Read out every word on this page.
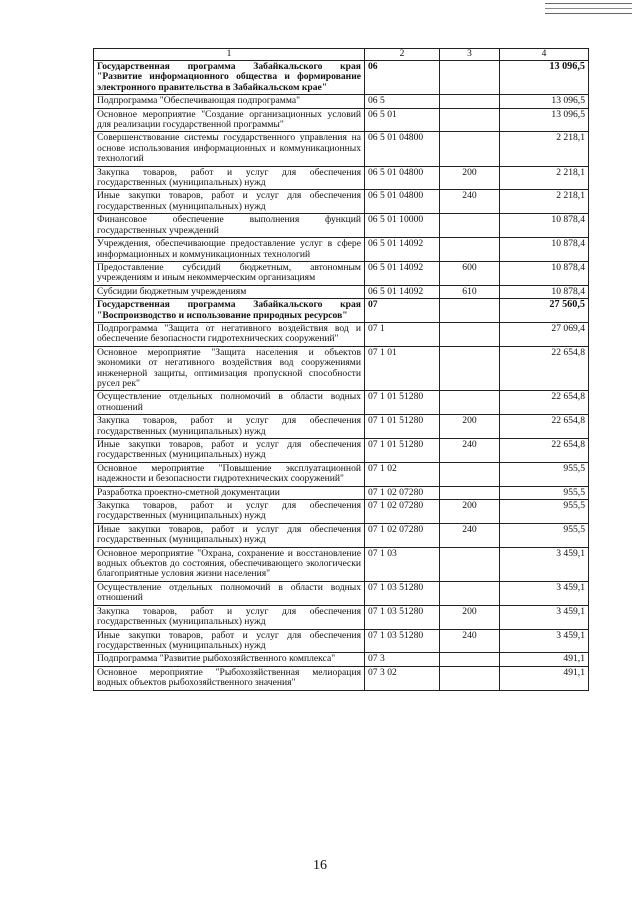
1	2	3	4
Государственная программа Забайкальского края "Развитие информационного общества и формирование электронного правительства в Забайкальском крае"	06		13 096,5
Подпрограмма "Обеспечивающая подпрограмма"	06 5		13 096,5
Основное мероприятие "Создание организационных условий для реализации государственной программы"	06 5 01		13 096,5
Совершенствование системы государственного управления на основе использования информационных и коммуникационных технологий	06 5 01 04800		2 218,1
Закупка товаров, работ и услуг для обеспечения государственных (муниципальных) нужд	06 5 01 04800	200	2 218,1
Иные закупки товаров, работ и услуг для обеспечения государственных (муниципальных) нужд	06 5 01 04800	240	2 218,1
Финансовое обеспечение выполнения функций государственных учреждений	06 5 01 10000		10 878,4
Учреждения, обеспечивающие предоставление услуг в сфере информационных и коммуникационных технологий	06 5 01 14092		10 878,4
Предоставление субсидий бюджетным, автономным учреждениям и иным некоммерческим организациям	06 5 01 14092	600	10 878,4
Субсидии бюджетным учреждениям	06 5 01 14092	610	10 878,4
Государственная программа Забайкальского края "Воспроизводство и использование природных ресурсов"	07		27 560,5
Подпрограмма "Защита от негативного воздействия вод и обеспечение безопасности гидротехнических сооружений"	07 1		27 069,4
Основное мероприятие "Защита населения и объектов экономики от негативного воздействия вод сооружениями инженерной защиты, оптимизация пропускной способности русел рек"	07 1 01		22 654,8
Осуществление отдельных полномочий в области водных отношений	07 1 01 51280		22 654,8
Закупка товаров, работ и услуг для обеспечения государственных (муниципальных) нужд	07 1 01 51280	200	22 654,8
Иные закупки товаров, работ и услуг для обеспечения государственных (муниципальных) нужд	07 1 01 51280	240	22 654,8
Основное мероприятие "Повышение эксплуатационной надежности и безопасности гидротехнических сооружений"	07 1 02		955,5
Разработка проектно-сметной документации	07 1 02 07280		955,5
Закупка товаров, работ и услуг для обеспечения государственных (муниципальных) нужд	07 1 02 07280	200	955,5
Иные закупки товаров, работ и услуг для обеспечения государственных (муниципальных) нужд	07 1 02 07280	240	955,5
Основное мероприятие "Охрана, сохранение и восстановление водных объектов до состояния, обеспечивающего экологически благоприятные условия жизни населения"	07 1 03		3 459,1
Осуществление отдельных полномочий в области водных отношений	07 1 03 51280		3 459,1
Закупка товаров, работ и услуг для обеспечения государственных (муниципальных) нужд	07 1 03 51280	200	3 459,1
Иные закупки товаров, работ и услуг для обеспечения государственных (муниципальных) нужд	07 1 03 51280	240	3 459,1
Подпрограмма "Развитие рыбохозяйственного комплекса"	07 3		491,1
Основное мероприятие "Рыбохозяйственная мелиорация водных объектов рыбохозяйственного значения"	07 3 02		491,1
16
